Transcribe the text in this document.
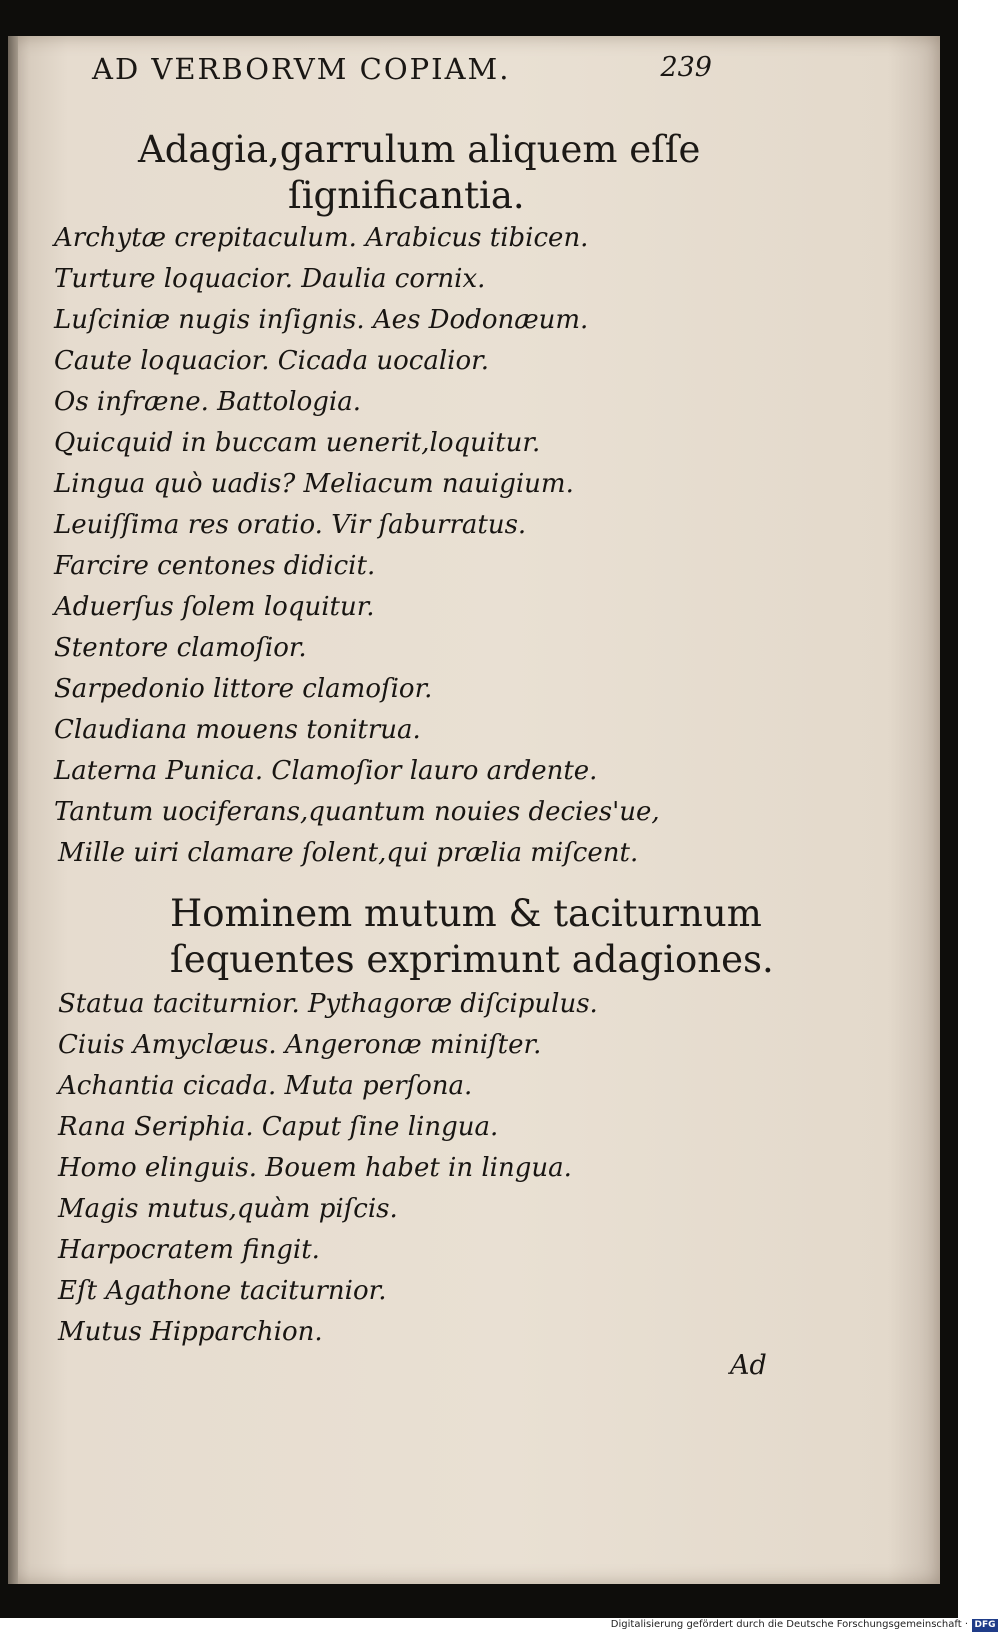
AD VERBORVM COPIAM.	239
Adagia,garrulum aliquem eſſe
ſignificantia.
Archytæ crepitaculum. Arabicus tibicen.
Turture loquacior. Daulia cornix.
Luſciniæ nugis inſignis. Aes Dodonæum.
Caute loquacior. Cicada uocalior.
Os infræne. Battologia.
Quicquid in buccam uenerit,loquitur.
Lingua quò uadis? Meliacum nauigium.
Leuiſſima res oratio. Vir ſaburratus.
Farcire centones didicit.
Aduerſus ſolem loquitur.
Stentore clamoſior.
Sarpedonio littore clamoſior.
Claudiana mouens tonitrua.
Laterna Punica. Clamoſior lauro ardente.
Tantum uociferans,quantum nouies decies'ue,
Mille uiri clamare ſolent,qui prælia miſcent.
Hominem mutum & taciturnum
ſequentes exprimunt adagiones.
Statua taciturnior. Pythagoræ diſcipulus.
Ciuis Amyclæus. Angeronæ miniſter.
Achantia cicada. Muta perſona.
Rana Seriphia. Caput ſine lingua.
Homo elinguis. Bouem habet in lingua.
Magis mutus,quàm piſcis.
Harpocratem fingit.
Eſt Agathone taciturnior.
Mutus Hipparchion.
Ad
Digitalisierung gefördert durch die Deutsche Forschungsgemeinschaft · DFG
